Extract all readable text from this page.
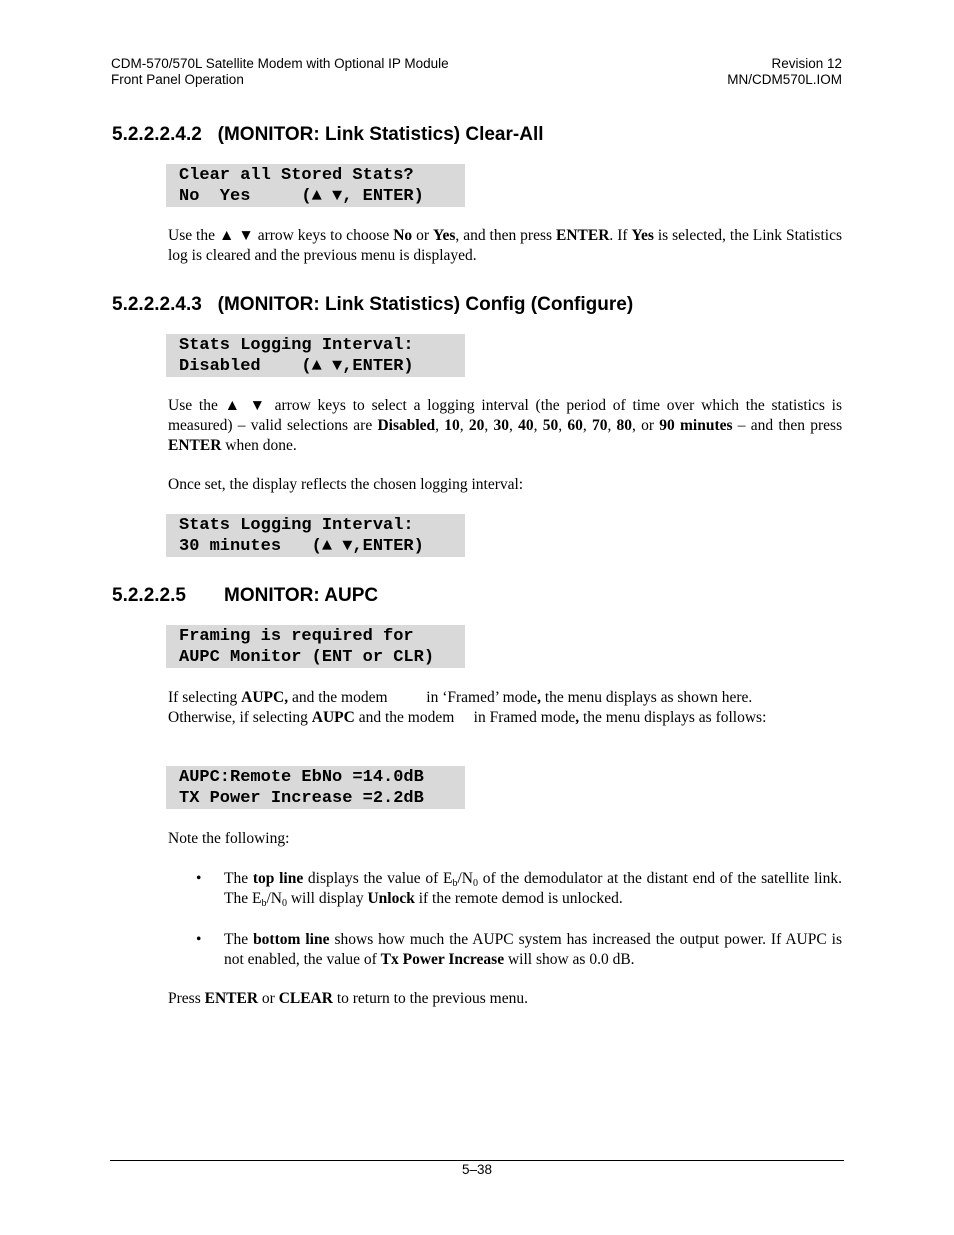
CDM-570/570L Satellite Modem with Optional IP Module
Front Panel Operation
Revision 12
MN/CDM570L.IOM
5.2.2.2.4.2 (MONITOR: Link Statistics) Clear-All
Clear all Stored Stats?
No  Yes     (▲ ▼, ENTER)
Use the ▲ ▼ arrow keys to choose No or Yes, and then press ENTER. If Yes is selected, the Link Statistics log is cleared and the previous menu is displayed.
5.2.2.2.4.3 (MONITOR: Link Statistics) Config (Configure)
Stats Logging Interval:
Disabled    (▲ ▼,ENTER)
Use the ▲ ▼ arrow keys to select a logging interval (the period of time over which the statistics is measured) – valid selections are Disabled, 10, 20, 30, 40, 50, 60, 70, 80, or 90 minutes – and then press ENTER when done.
Once set, the display reflects the chosen logging interval:
Stats Logging Interval:
30 minutes   (▲ ▼,ENTER)
5.2.2.2.5 MONITOR: AUPC
Framing is required for
AUPC Monitor (ENT or CLR)
If selecting AUPC, and the modem          in ‘Framed’ mode, the menu displays as shown here.
Otherwise, if selecting AUPC and the modem     in Framed mode, the menu displays as follows:
AUPC:Remote EbNo =14.0dB
TX Power Increase =2.2dB
Note the following:
• The top line displays the value of $E_b/N_0$ of the demodulator at the distant end of the satellite link. The $E_b/N_0$ will display Unlock if the remote demod is unlocked.
• The bottom line shows how much the AUPC system has increased the output power. If AUPC is not enabled, the value of Tx Power Increase will show as 0.0 dB.
Press ENTER or CLEAR to return to the previous menu.
5–38
